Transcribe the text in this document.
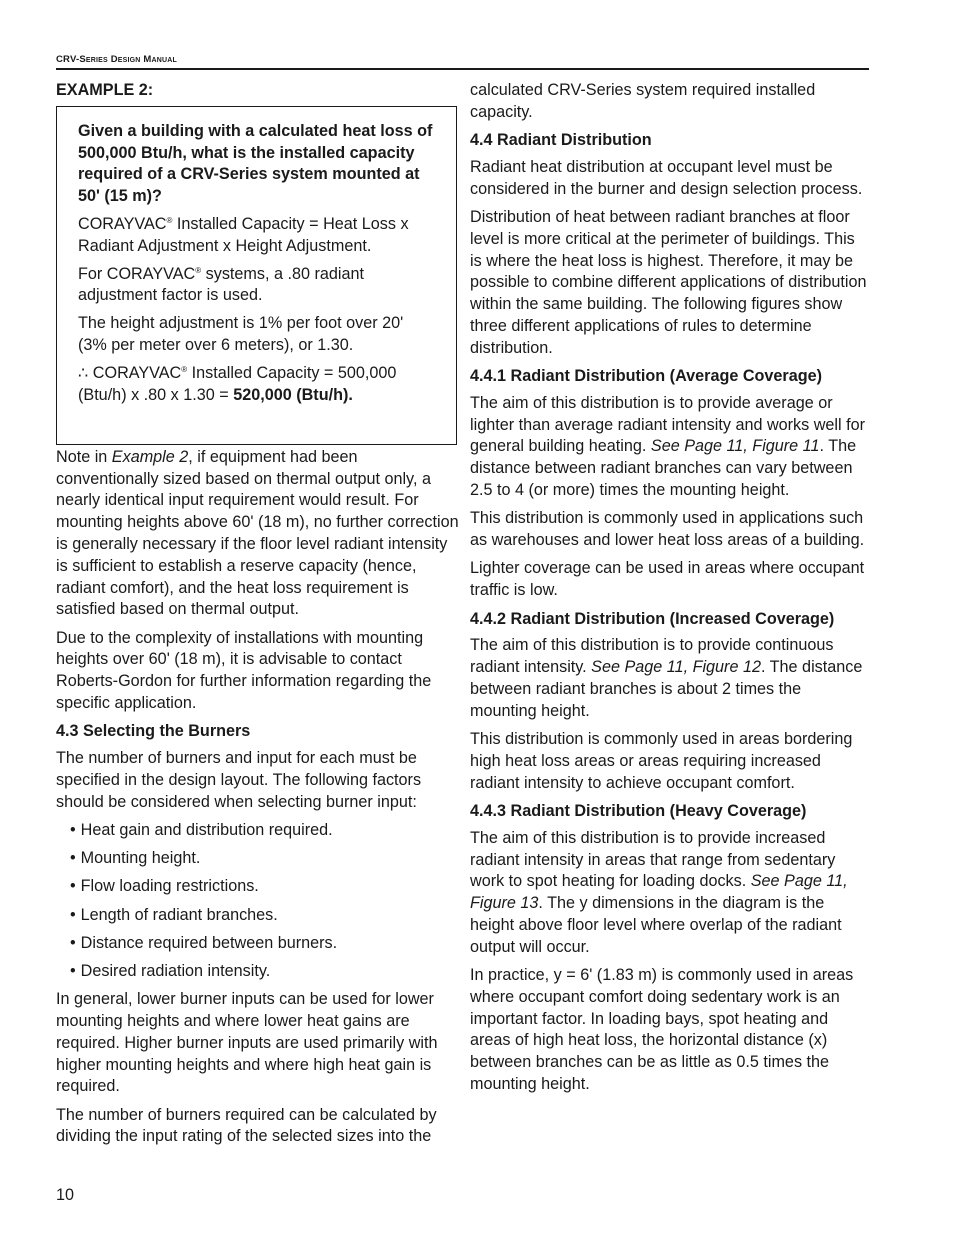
CRV-Series Design Manual
EXAMPLE 2:

Given a building with a calculated heat loss of 500,000 Btu/h, what is the installed capacity required of a CRV-Series system mounted at 50' (15 m)?

CORAYVAC® Installed Capacity = Heat Loss x Radiant Adjustment x Height Adjustment.

For CORAYVAC® systems, a .80 radiant adjustment factor is used.

The height adjustment is 1% per foot over 20' (3% per meter over 6 meters), or 1.30.

∴ CORAYVAC® Installed Capacity = 500,000 (Btu/h) x .80 x 1.30 = 520,000 (Btu/h).

Note in Example 2, if equipment had been conventionally sized based on thermal output only, a nearly identical input requirement would result. For mounting heights above 60' (18 m), no further correction is generally necessary if the floor level radiant intensity is sufficient to establish a reserve capacity (hence, radiant comfort), and the heat loss requirement is satisfied based on thermal output.

Due to the complexity of installations with mounting heights over 60' (18 m), it is advisable to contact Roberts-Gordon for further information regarding the specific application.

4.3 Selecting the Burners

The number of burners and input for each must be specified in the design layout. The following factors should be considered when selecting burner input:

• Heat gain and distribution required.
• Mounting height.
• Flow loading restrictions.
• Length of radiant branches.
• Distance required between burners.
• Desired radiation intensity.

In general, lower burner inputs can be used for lower mounting heights and where lower heat gains are required. Higher burner inputs are used primarily with higher mounting heights and where high heat gain is required.

The number of burners required can be calculated by dividing the input rating of the selected sizes into the

calculated CRV-Series system required installed capacity.

4.4 Radiant Distribution

Radiant heat distribution at occupant level must be considered in the burner and design selection process.

Distribution of heat between radiant branches at floor level is more critical at the perimeter of buildings. This is where the heat loss is highest. Therefore, it may be possible to combine different applications of distribution within the same building. The following figures show three different applications of rules to determine distribution.

4.4.1 Radiant Distribution (Average Coverage)

The aim of this distribution is to provide average or lighter than average radiant intensity and works well for general building heating. See Page 11, Figure 11. The distance between radiant branches can vary between 2.5 to 4 (or more) times the mounting height.

This distribution is commonly used in applications such as warehouses and lower heat loss areas of a building.

Lighter coverage can be used in areas where occupant traffic is low.

4.4.2 Radiant Distribution (Increased Coverage)

The aim of this distribution is to provide continuous radiant intensity. See Page 11, Figure 12. The distance between radiant branches is about 2 times the mounting height.

This distribution is commonly used in areas bordering high heat loss areas or areas requiring increased radiant intensity to achieve occupant comfort.

4.4.3 Radiant Distribution (Heavy Coverage)

The aim of this distribution is to provide increased radiant intensity in areas that range from sedentary work to spot heating for loading docks. See Page 11, Figure 13. The y dimensions in the diagram is the height above floor level where overlap of the radiant output will occur.

In practice, y = 6' (1.83 m) is commonly used in areas where occupant comfort doing sedentary work is an important factor. In loading bays, spot heating and areas of high heat loss, the horizontal distance (x) between branches can be as little as 0.5 times the mounting height.

10
